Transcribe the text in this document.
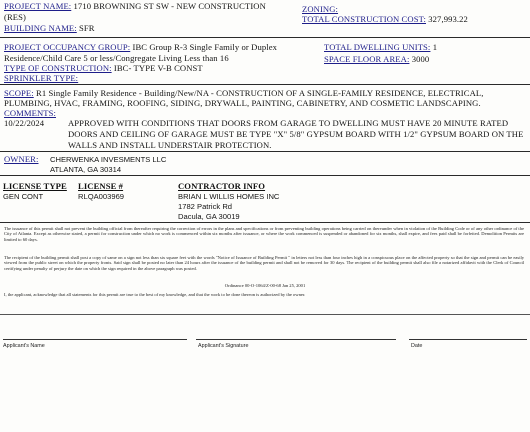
PROJECT NAME: 1710 BROWNING ST SW - NEW CONSTRUCTION
(RES)
BUILDING NAME: SFR
ZONING:
TOTAL CONSTRUCTION COST: 327,993.22
PROJECT OCCUPANCY GROUP: IBC Group R-3 Single Family or Duplex
Residence/Child Care 5 or less/Congregate Living Less than 16
TYPE OF CONSTRUCTION: IBC- TYPE V-B CONST
SPRINKLER TYPE:
TOTAL DWELLING UNITS: 1
SPACE FLOOR AREA: 3000
SCOPE: R1 Single Family Residence - Building/New/NA - CONSTRUCTION OF A SINGLE-FAMILY RESIDENCE, ELECTRICAL,
PLUMBING, HVAC, FRAMING, ROOFING, SIDING, DRYWALL, PAINTING, CABINETRY, AND COSMETIC LANDSCAPING.
COMMENTS:
10/22/2024	APPROVED WITH CONDITIONS THAT DOORS FROM GARAGE TO DWELLING MUST HAVE 20 MINUTE RATED
DOORS AND CEILING OF GARAGE MUST BE TYPE "X" 5/8" GYPSUM BOARD WITH 1/2" GYPSUM BOARD ON THE
WALLS AND INSTALL UNDERSTAIR PROTECTION.
OWNER: CHERWENKA INVESMENTS LLC
ATLANTA, GA 30314
LICENSE TYPE
GEN CONT
LICENSE #
RLQA003969
CONTRACTOR INFO
BRIAN L WILLIS HOMES INC
1782 Patrick Rd
Dacula, GA 30019
The issuance of this permit shall not prevent the building official from thereafter requiring the correction of errors in the plans and specifications or from preventing building operations being carried on thereunder when in violation of the Building Code or of any other ordinance of the City of Atlanta. Except as otherwise stated, a permit for construction under which no work is commenced within six months after issuance, or where the work commenced is suspended or abandoned for six months, shall expire, and fees paid shall be forfeited. Demolition Permits are limited to 60 days.
The recipient of the building permit shall post a copy of same on a sign not less than six square feet with the words "Notice of Issuance of Building Permit " in letters not less than four inches high in a conspicuous place on the affected property so that the sign and permit can be easily viewed from the public street on which the property fronts. Said sign shall be posted no later than 24 hours after the issuance of the building permit and shall not be removed for 30 days. The recipient of the building permit shall also file a notarized affidavit with the Clerk of Council certifying under penalty of perjury the date on which the sign required in the above paragraph was posted.
Ordinance 00-O-1064/Z-00-68 Jan 25, 2001
I, the applicant, acknowledge that all statements for this permit are true to the best of my knowledge, and that the work to be done thereon is authorized by the owner.
Applicant's Name	Applicant's Signature	Date
